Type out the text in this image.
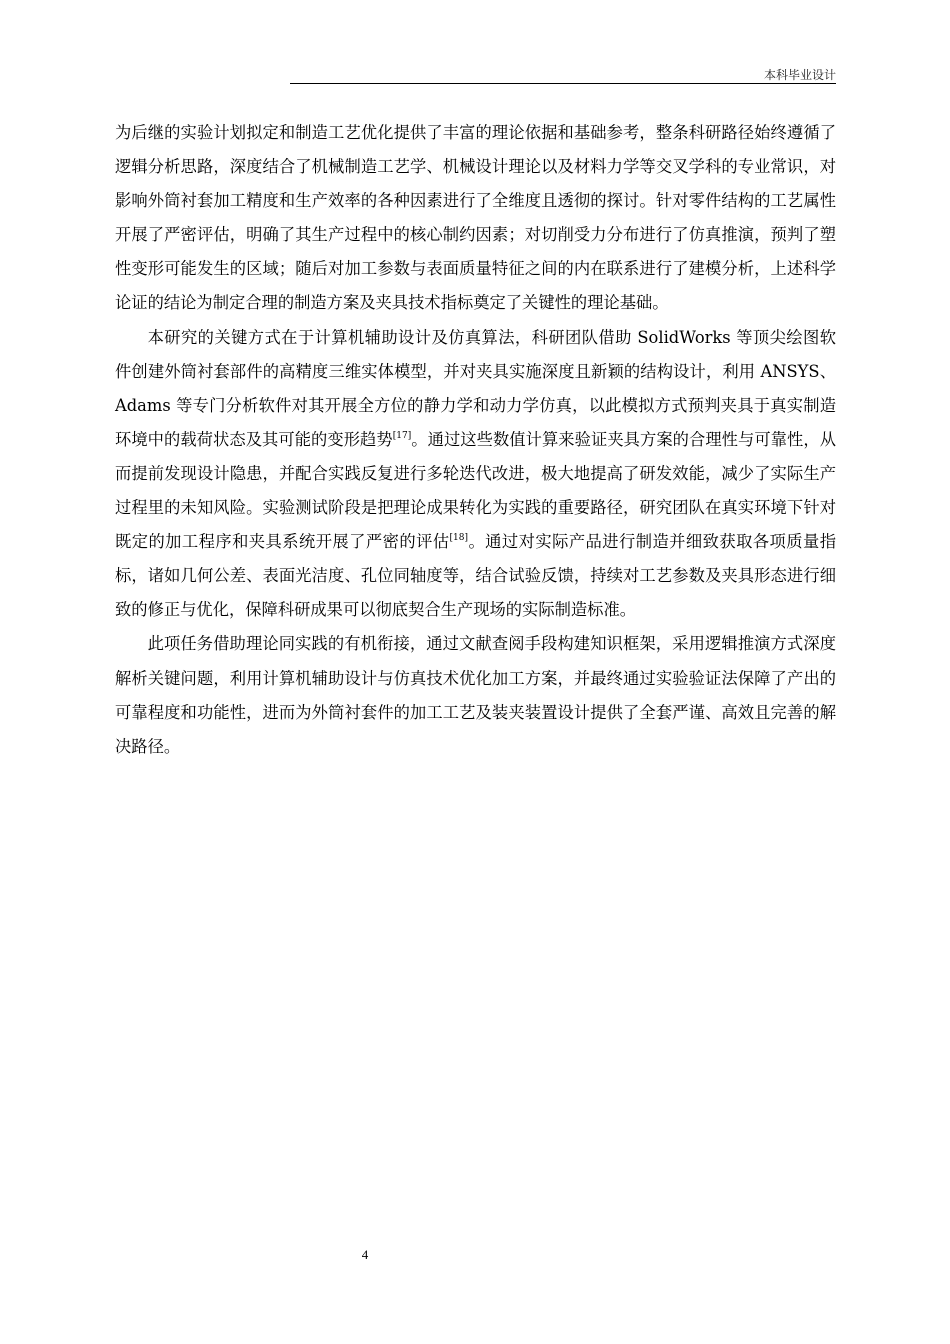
本科毕业设计

为后继的实验计划拟定和制造工艺优化提供了丰富的理论依据和基础参考，整条科研路径始终遵循了逻辑分析思路，深度结合了机械制造工艺学、机械设计理论以及材料力学等交叉学科的专业常识，对影响外筒衬套加工精度和生产效率的各种因素进行了全维度且透彻的探讨。针对零件结构的工艺属性开展了严密评估，明确了其生产过程中的核心制约因素；对切削受力分布进行了仿真推演，预判了塑性变形可能发生的区域；随后对加工参数与表面质量特征之间的内在联系进行了建模分析，上述科学论证的结论为制定合理的制造方案及夹具技术指标奠定了关键性的理论基础。

本研究的关键方式在于计算机辅助设计及仿真算法，科研团队借助 SolidWorks 等顶尖绘图软件创建外筒衬套部件的高精度三维实体模型，并对夹具实施深度且新颖的结构设计，利用 ANSYS、Adams 等专门分析软件对其开展全方位的静力学和动力学仿真，以此模拟方式预判夹具于真实制造环境中的载荷状态及其可能的变形趋势[17]。通过这些数值计算来验证夹具方案的合理性与可靠性，从而提前发现设计隐患，并配合实践反复进行多轮迭代改进，极大地提高了研发效能，减少了实际生产过程里的未知风险。实验测试阶段是把理论成果转化为实践的重要路径，研究团队在真实环境下针对既定的加工程序和夹具系统开展了严密的评估[18]。通过对实际产品进行制造并细致获取各项质量指标，诸如几何公差、表面光洁度、孔位同轴度等，结合试验反馈，持续对工艺参数及夹具形态进行细致的修正与优化，保障科研成果可以彻底契合生产现场的实际制造标准。

此项任务借助理论同实践的有机衔接，通过文献查阅手段构建知识框架，采用逻辑推演方式深度解析关键问题，利用计算机辅助设计与仿真技术优化加工方案，并最终通过实验验证法保障了产出的可靠程度和功能性，进而为外筒衬套件的加工工艺及装夹装置设计提供了全套严谨、高效且完善的解决路径。

4
